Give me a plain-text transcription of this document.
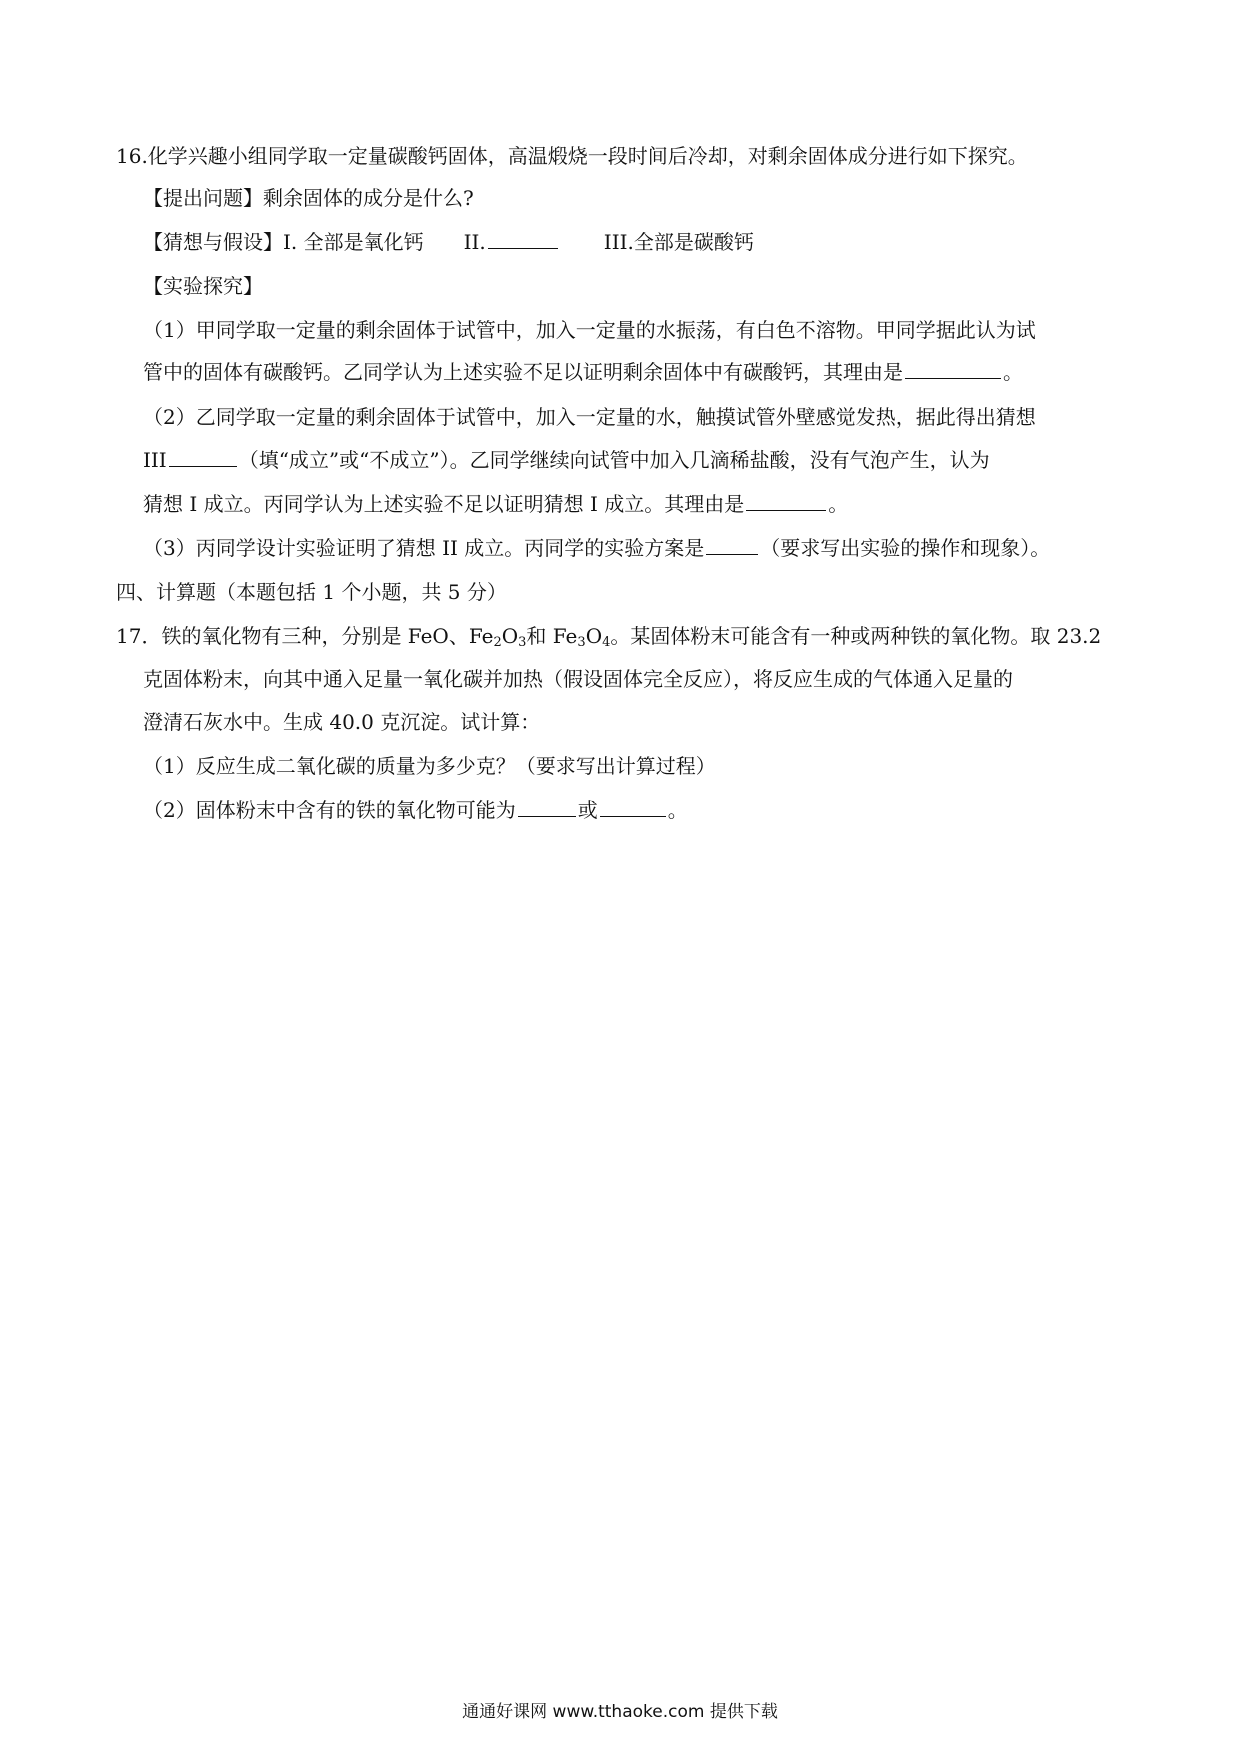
16.化学兴趣小组同学取一定量碳酸钙固体，高温煅烧一段时间后冷却，对剩余固体成分进行如下探究。
【提出问题】剩余固体的成分是什么?
【猜想与假设】I. 全部是氧化钙 II.	III.全部是碳酸钙
【实验探究】
（1）甲同学取一定量的剩余固体于试管中，加入一定量的水振荡，有白色不溶物。甲同学据此认为试
管中的固体有碳酸钙。乙同学认为上述实验不足以证明剩余固体中有碳酸钙，其理由是	。
（2）乙同学取一定量的剩余固体于试管中，加入一定量的水，触摸试管外壁感觉发热，据此得出猜想
III	（填“成立”或“不成立”）。乙同学继续向试管中加入几滴稀盐酸，没有气泡产生，认为
猜想 I 成立。丙同学认为上述实验不足以证明猜想 I 成立。其理由是	。
（3）丙同学设计实验证明了猜想 II 成立。丙同学的实验方案是	（要求写出实验的操作和现象）。
四、计算题（本题包括 1 个小题，共 5 分）
17．铁的氧化物有三种，分别是 FeO、$Fe_2O_3$和 $Fe_3O_4$。某固体粉末可能含有一种或两种铁的氧化物。取 23.2
克固体粉末，向其中通入足量一氧化碳并加热（假设固体完全反应），将反应生成的气体通入足量的
澄清石灰水中。生成 40.0 克沉淀。试计算：
（1）反应生成二氧化碳的质量为多少克？（要求写出计算过程）
（2）固体粉末中含有的铁的氧化物可能为	或	。
通通好课网 www.tthaoke.com 提供下载
